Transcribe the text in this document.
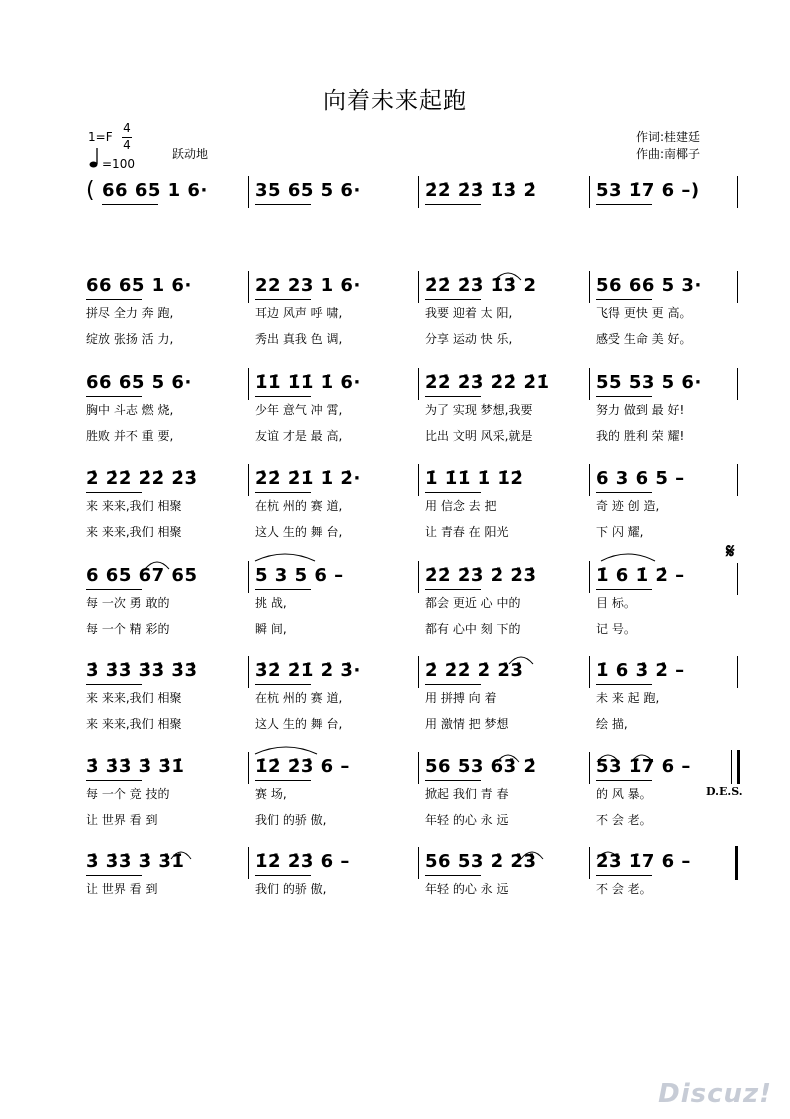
向着未来起跑
1=F
4
4
=100
跃动地
作词:桂建廷
作曲:南椰子
( 66 65 1 6·	35 65 5 6·	2̇2̇ 2̇3̇ 1̇3̇ 2̇	53 1̇7 6 –)
66 65 1 6·	22 23 1 6·	2̇2̇ 2̇3̇ 1̇3̇ 2	56 66 5 3·
拼尽 全力 奔 跑,	耳边 风声 呼 啸,	我要 迎着 太 阳,	飞得 更快 更 高。
绽放 张扬 活 力,	秀出 真我 色 调,	分享 运动 快 乐,	感受 生命 美 好。
66 65 5 6·	1̇1̇ 1̇1̇ 1̇ 6·	2̇2̇ 2̇3̇ 2̇2̇ 2̇1̇	55 53 5 6·
胸中 斗志 燃 烧,	少年 意气 冲 霄,	为了 实现 梦想,我要	努力 做到 最 好!
胜败 并不 重 要,	友谊 才是 最 高,	比出 文明 风采,就是	我的 胜利 荣 耀!
2̇ 2̇2̇ 2̇2̇ 2̇3̇	2̇2̇ 2̇1̇ 1̇ 2̇·	1̇ 1̇1̇ 1̇ 1̇2̇	6 3 6 5 –
来 来来,我们 相聚	在杭 州的 赛 道,	用 信念 去 把	奇 迹 创 造,
来 来来,我们 相聚	这人 生的 舞 台,	让 青春 在 阳光	下 闪 耀,
6 65 67 65	5 3 5 6 –	2̇2̇ 2̇3̇ 2̇ 2̇3̇	1̇ 6 1̇ 2̇ –
每 一次 勇 敢的	挑 战,	都会 更近 心 中的	目 标。
每 一个 精 彩的	瞬 间,	都有 心中 刻 下的	记 号。
3̇ 3̇3̇ 3̇3̇ 3̇3̇	3̇2̇ 2̇1̇ 2̇ 3̇·	2̇ 2̇2̇ 2̇ 2̇3̇	1̇ 6 3̇ 2̇ –
来 来来,我们 相聚	在杭 州的 赛 道,	用 拼搏 向 着	未 来 起 跑,
来 来来,我们 相聚	这人 生的 舞 台,	用 激情 把 梦想	绘 描,
3̇ 3̇3̇ 3̇ 3̇1̇	1̇2̇ 2̇3̇ 6 –	56 53 63̇ 2̇	53 1̇7 6 –
每 一个 竞 技的	赛 场,	掀起 我们 青 春	的 风 暴。
让 世界 看 到	我们 的骄 傲,	年轻 的心 永 远	不 会 老。
3̇ 3̇3̇ 3̇ 3̇1̇	1̇2̇ 2̇3̇ 6 –	56 53 2̇ 2̇3̇	2̇3̇ 1̇7 6 –
让 世界 看 到	我们 的骄 傲,	年轻 的心 永 远	不 会 老。
𝄋
D.E.S.
Discuz!
